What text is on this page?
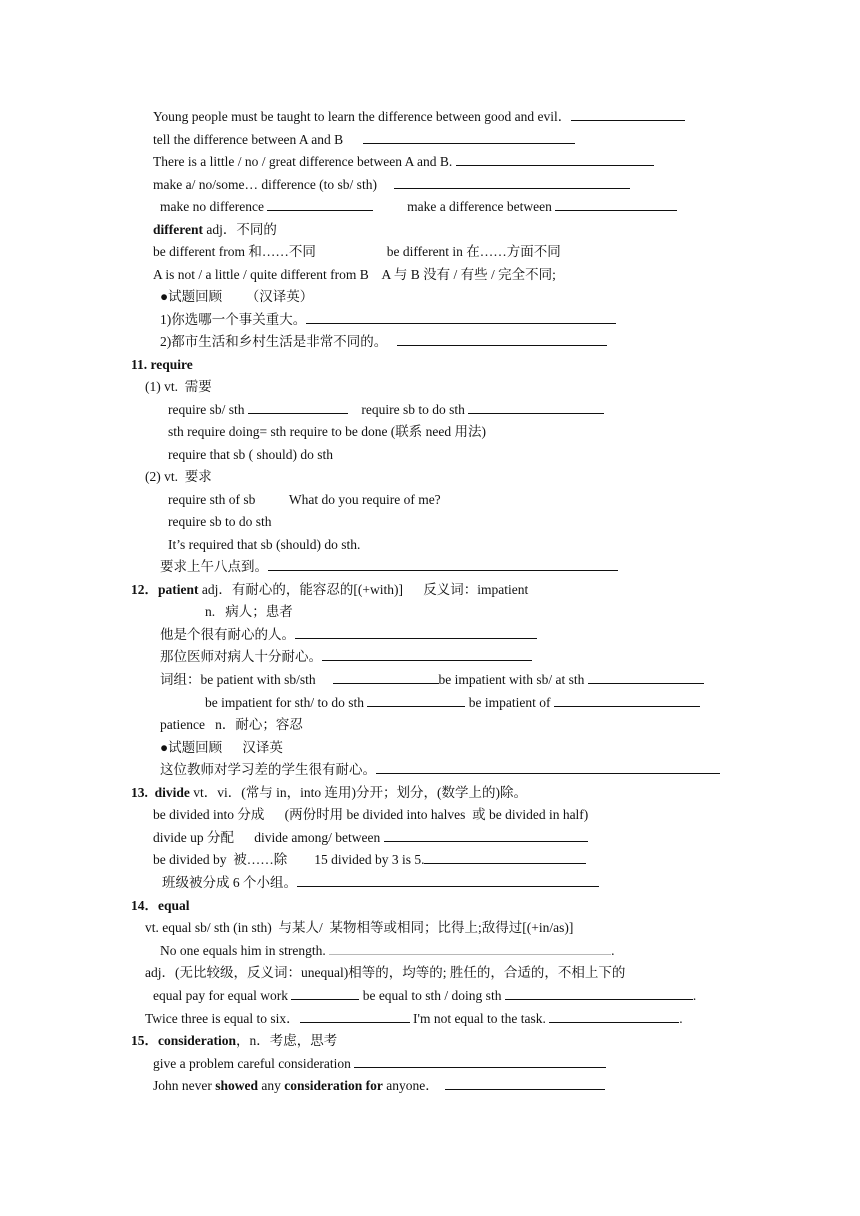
Young people must be taught to learn the difference between good and evil．
tell the difference between A and B
There is a little / no / great difference between A and B.
make a/ no/some… difference (to sb/ sth)
make no difference	make a difference between
different adj．不同的
be different from 和……不同                     be different in 在……方面不同
A is not / a little / quite different from B    A 与 B 没有 / 有些 / 完全不同;
●试题回顾       （汉译英）
1)你选哪一个事关重大。
2)都市生活和乡村生活是非常不同的。
11. require
(1) vt.  需要
require sb/ sth	require sb to do sth
sth require doing= sth require to be done (联系 need 用法)
require that sb ( should) do sth
(2) vt.  要求
require sth of sb          What do you require of me?
require sb to do sth
It’s required that sb (should) do sth.
要求上午八点到。
12．patient adj．有耐心的，能容忍的[(+with)]      反义词：impatient
n.   病人；患者
他是个很有耐心的人。
那位医师对病人十分耐心。
词组：be patient with sb/sth	be impatient with sb/ at sth
be impatient for sth/ to do sth	be impatient of
patience   n．耐心；容忍
●试题回顾      汉译英
这位教师对学习差的学生很有耐心。
13.  divide vt．vi．(常与 in，into 连用)分开；划分，(数学上的)除。
be divided into 分成      (两份时用 be divided into halves  或 be divided in half)
divide up 分配      divide among/ between
be divided by  被……除        15 divided by 3 is 5.
班级被分成 6 个小组。
14．equal
vt. equal sb/ sth (in sth)  与某人/  某物相等或相同；比得上;敌得过[(+in/as)]
No one equals him in strength.	.
adj．(无比较级，反义词：unequal)相等的，均等的; 胜任的，合适的，不相上下的
equal pay for equal work	be equal to sth / doing sth	.
Twice three is equal to six．	I'm not equal to the task.	.
15．consideration，n．考虑，思考
give a problem careful consideration
John never showed any consideration for anyone．
